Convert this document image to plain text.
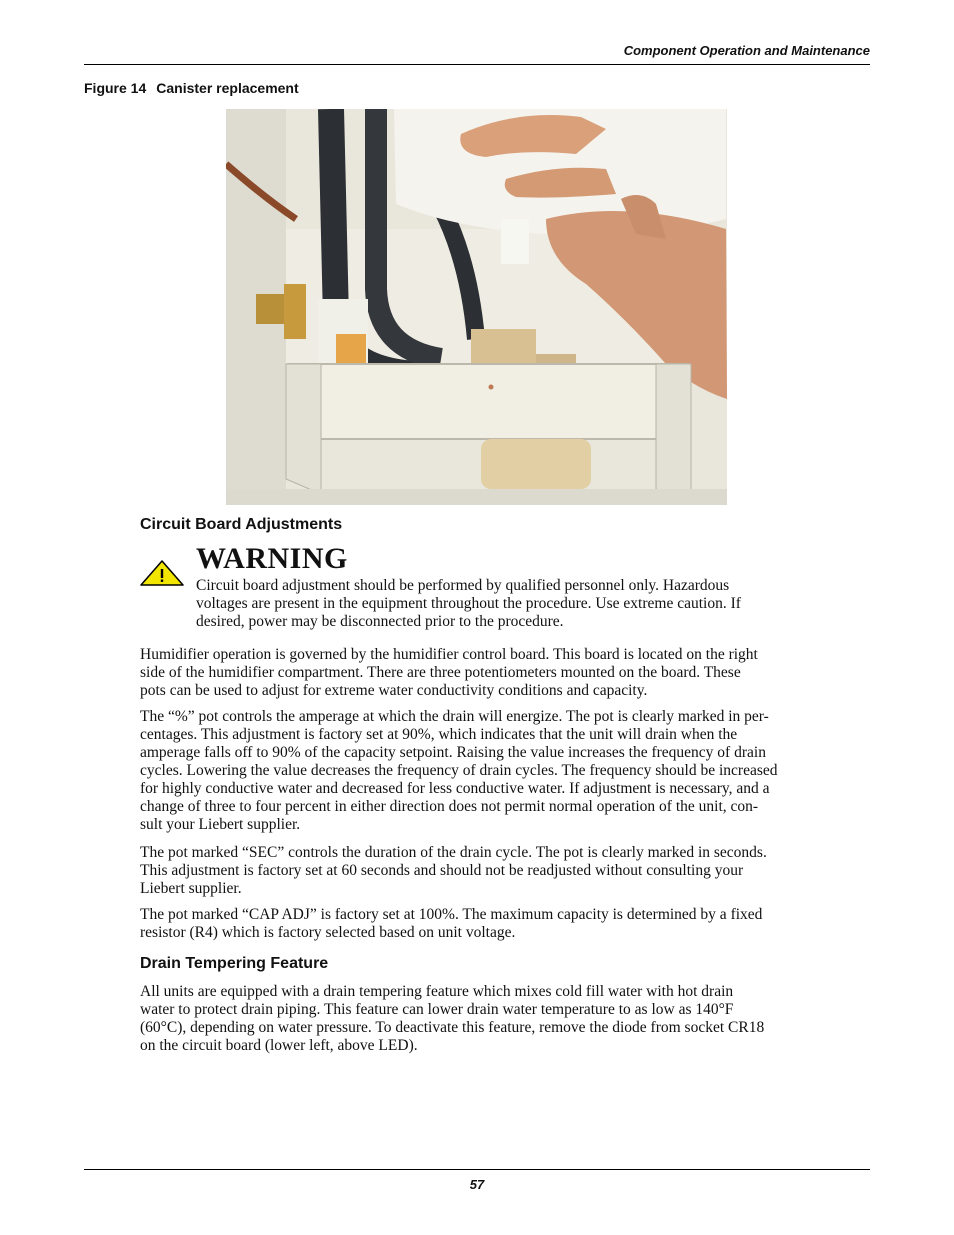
Component Operation and Maintenance
Figure 14 Canister replacement
Circuit Board Adjustments
WARNING
Circuit board adjustment should be performed by qualified personnel only. Hazardous
voltages are present in the equipment throughout the procedure. Use extreme caution. If
desired, power may be disconnected prior to the procedure.
Humidifier operation is governed by the humidifier control board. This board is located on the right
side of the humidifier compartment. There are three potentiometers mounted on the board. These
pots can be used to adjust for extreme water conductivity conditions and capacity.
The “%” pot controls the amperage at which the drain will energize. The pot is clearly marked in per-
centages. This adjustment is factory set at 90%, which indicates that the unit will drain when the
amperage falls off to 90% of the capacity setpoint. Raising the value increases the frequency of drain
cycles. Lowering the value decreases the frequency of drain cycles. The frequency should be increased
for highly conductive water and decreased for less conductive water. If adjustment is necessary, and a
change of three to four percent in either direction does not permit normal operation of the unit, con-
sult your Liebert supplier.
The pot marked “SEC” controls the duration of the drain cycle. The pot is clearly marked in seconds.
This adjustment is factory set at 60 seconds and should not be readjusted without consulting your
Liebert supplier.
The pot marked “CAP ADJ” is factory set at 100%. The maximum capacity is determined by a fixed
resistor (R4) which is factory selected based on unit voltage.
Drain Tempering Feature
All units are equipped with a drain tempering feature which mixes cold fill water with hot drain
water to protect drain piping. This feature can lower drain water temperature to as low as 140°F
(60°C), depending on water pressure. To deactivate this feature, remove the diode from socket CR18
on the circuit board (lower left, above LED).
57
